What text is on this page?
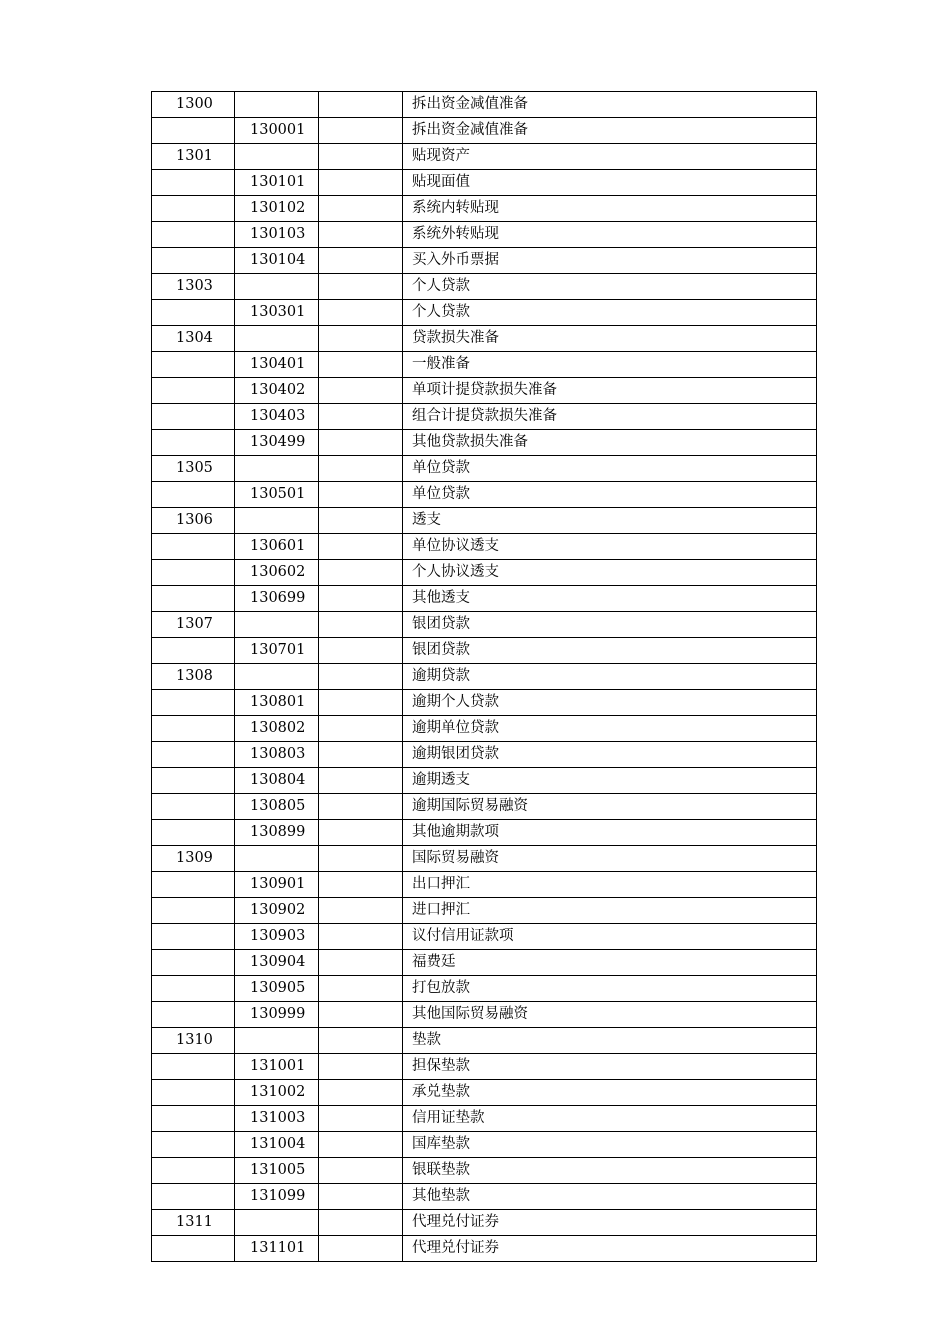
1300			拆出资金减值准备
	130001		拆出资金减值准备
1301			贴现资产
	130101		贴现面值
	130102		系统内转贴现
	130103		系统外转贴现
	130104		买入外币票据
1303			个人贷款
	130301		个人贷款
1304			贷款损失准备
	130401		一般准备
	130402		单项计提贷款损失准备
	130403		组合计提贷款损失准备
	130499		其他贷款损失准备
1305			单位贷款
	130501		单位贷款
1306			透支
	130601		单位协议透支
	130602		个人协议透支
	130699		其他透支
1307			银团贷款
	130701		银团贷款
1308			逾期贷款
	130801		逾期个人贷款
	130802		逾期单位贷款
	130803		逾期银团贷款
	130804		逾期透支
	130805		逾期国际贸易融资
	130899		其他逾期款项
1309			国际贸易融资
	130901		出口押汇
	130902		进口押汇
	130903		议付信用证款项
	130904		福费廷
	130905		打包放款
	130999		其他国际贸易融资
1310			垫款
	131001		担保垫款
	131002		承兑垫款
	131003		信用证垫款
	131004		国库垫款
	131005		银联垫款
	131099		其他垫款
1311			代理兑付证券
	131101		代理兑付证券
